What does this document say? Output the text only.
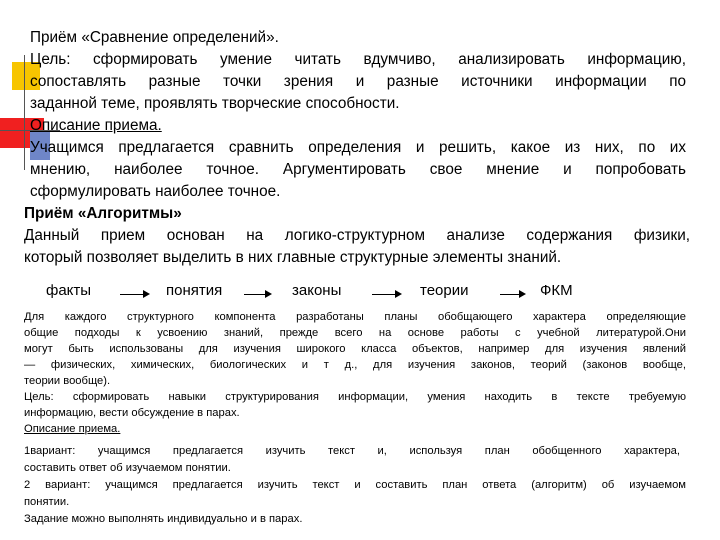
Приём «Сравнение определений».
Цель: сформировать умение читать вдумчиво, анализировать информацию,
сопоставлять разные точки зрения и разные источники информации по
заданной теме, проявлять творческие способности.
Описание приема.
Учащимся предлагается сравнить определения и решить, какое из них, по их
мнению, наиболее точное. Аргументировать свое мнение и попробовать
сформулировать наиболее точное.
Приём «Алгоритмы»
Данный прием основан на логико-структурном анализе содержания физики,
который позволяет выделить в них главные структурные элементы знаний.
факты	понятия	законы	теории	ФКМ
Для каждого структурного компонента разработаны планы обобщающего характера определяющие
общие подходы к усвоению знаний, прежде всего на основе работы с учебной литературой.Они
могут быть использованы для изучения широкого класса объектов, например для изучения явлений
— физических, химических, биологических и т д., для изучения законов, теорий (законов вообще,
теории вообще).
Цель: сформировать навыки структурирования информации, умения находить в тексте требуемую
информацию, вести обсуждение в парах.
Описание приема.
1вариант: учащимся предлагается изучить текст и, используя план обобщенного характера,
составить ответ об изучаемом понятии.
2 вариант: учащимся предлагается изучить текст и составить план ответа (алгоритм) об изучаемом
понятии.
Задание можно выполнять индивидуально и в парах.
